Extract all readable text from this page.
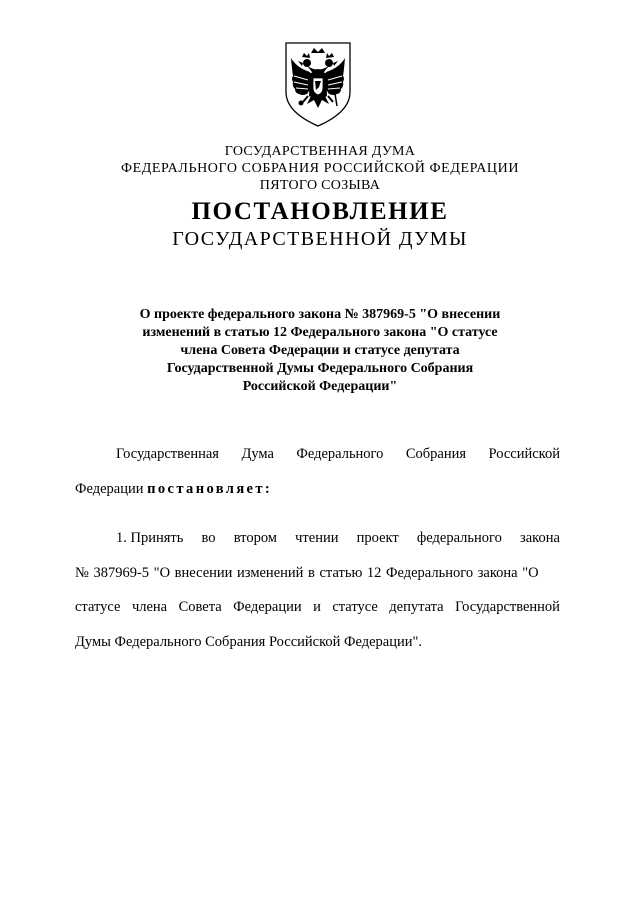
ГОСУДАРСТВЕННАЯ ДУМА
ФЕДЕРАЛЬНОГО СОБРАНИЯ РОССИЙСКОЙ ФЕДЕРАЦИИ
ПЯТОГО СОЗЫВА
ПОСТАНОВЛЕНИЕ
ГОСУДАРСТВЕННОЙ ДУМЫ
О проекте федерального закона № 387969-5 "О внесении
изменений в статью 12 Федерального закона "О статусе
члена Совета Федерации и статусе депутата
Государственной Думы Федерального Собрания
Российской Федерации"
Государственная Дума Федерального Собрания Российской
Федерации постановляет:
1. Принять во втором чтении проект федерального закона
№ 387969-5 "О внесении изменений в статью 12 Федерального закона "О
статусе члена Совета Федерации и статусе депутата Государственной
Думы Федерального Собрания Российской Федерации".
